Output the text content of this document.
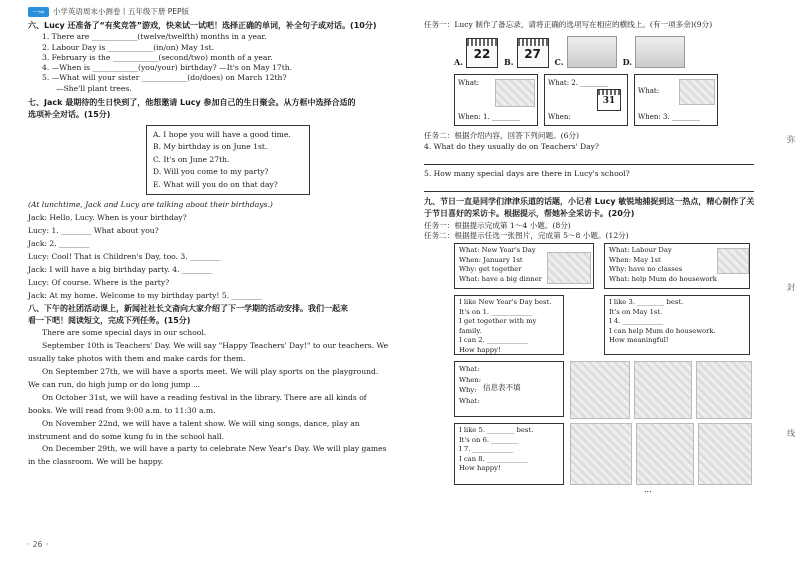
一⇨	小学英语周末小测卷丨五年级下册 PEP版
六、Lucy 还准备了“有奖竞答”游戏，快来试一试吧！选择正确的单词，补全句子或对话。(10分)
1. There are ____________(twelve/twelfth) months in a year.
2. Labour Day is ____________(in/on) May 1st.
3. February is the ____________(second/two) month of a year.
4. —When is ____________(you/your) birthday? —It's on May 17th.
5. —What will your sister ____________(do/does) on March 12th?
—She'll plant trees.
七、Jack 最期待的生日快到了，他想邀请 Lucy 参加自己的生日聚会。从方框中选择合适的
选项补全对话。(15分)
A. I hope you will have a good time.
B. My birthday is on June 1st.
C. It's on June 27th.
D. Will you come to my party?
E. What will you do on that day?
(At lunchtime, Jack and Lucy are talking about their birthdays.)
Jack: Hello, Lucy. When is your birthday?
Lucy: 1. ________ What about you?
Jack: 2. ________
Lucy: Cool! That is Children's Day, too. 3. ________
Jack: I will have a big birthday party. 4. ________
Lucy: Of course. Where is the party?
Jack: At my home. Welcome to my birthday party! 5. ________
八、下午的社团活动课上，新闻社社长文斋向大家介绍了下一学期的活动安排。我们一起来
看一下吧！阅读短文，完成下列任务。(15分)

There are some special days in our school.

September 10th is Teachers' Day. We will say "Happy Teachers' Day!" to our teachers. We usually take photos with them and make cards for them.

On September 27th, we will have a sports meet. We will play sports on the playground. We can run, do high jump or do long jump ...

On October 31st, we will have a reading festival in the library. There are all kinds of books. We will read from 9:00 a.m. to 11:30 a.m.

On November 22nd, we will have a talent show. We will sing songs, dance, play an instrument and do some kung fu in the school hall.

On December 29th, we will have a party to celebrate New Year's Day. We will play games in the classroom. We will be happy.

任务一：Lucy 制作了备忘录，请将正确的选项写在相应的横线上。(有一项多余)(9分)
A.
22
B.
27
C.	D.
What:
When: 1. ________
What: 2. ________
31
When:
What:
When: 3. ________
任务二：根据介绍内容，回答下列问题。(6分)
4. What do they usually do on Teachers' Day?
5. How many special days are there in Lucy's school?
九、节日一直是同学们津津乐道的话题，小记者 Lucy 敏锐地捕捉到这一热点，精心制作了关
于节日喜好的采访卡。根据提示，帮她补全采访卡。(20分)
任务一：根据提示完成第 1～4 小题。(8分)
任务二：根据提示任选一张图片，完成第 5～8 小题。(12分)
What: New Year's Day
When: January 1st
Why: get together
What: have a big dinner
What: Labour Day
When: May 1st
Why: have no classes
What: help Mum do housework
I like New Year's Day best.
It's on 1. ____________
I get together with my family.
I can 2. ____________
How happy!
I like 3. ________ best.
It's on May 1st.
I 4. ____________
I can help Mum do housework.
How meaningful!
What:
When:
Why:
What:
信息表不填
I like 5. ________ best.
It's on 6. ________
I 7. ____________
I can 8. ____________
How happy!
...
弥
封
线
◦ 26 ◦
